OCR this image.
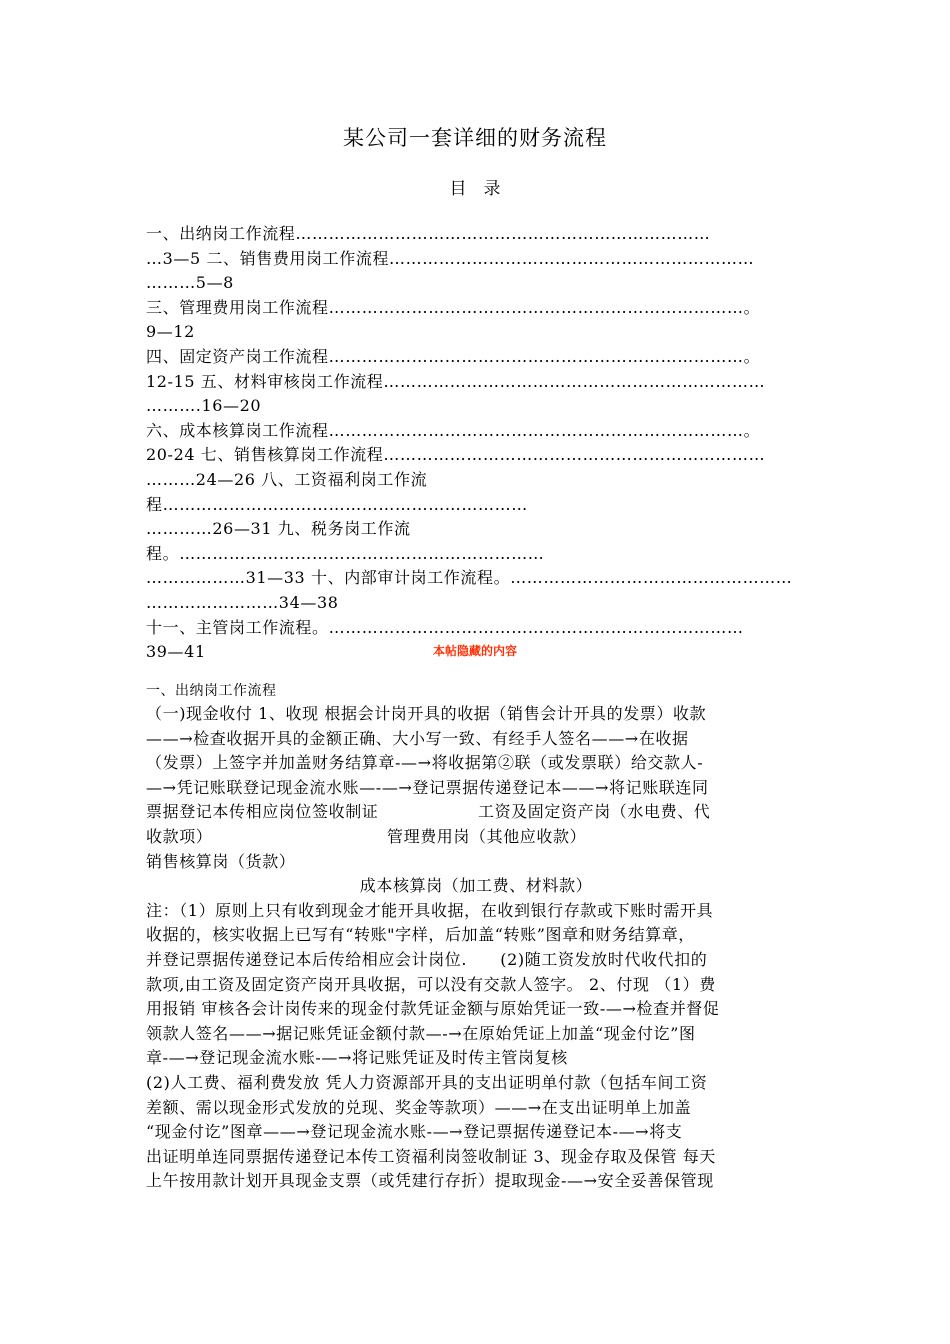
某公司一套详细的财务流程
目　录
一、出纳岗工作流程…………………………………………………………………
…3—5 二、销售费用岗工作流程…………………………………………………………
………5—8
三、管理费用岗工作流程…………………………………………………………………。
9—12
四、固定资产岗工作流程…………………………………………………………………。
12-15 五、材料审核岗工作流程……………………………………………………………
……….16—20
六、成本核算岗工作流程…………………………………………………………………。
20-24 七、销售核算岗工作流程……………………………………………………………
………24—26 八、工资福利岗工作流程…………………………………………………………
…………26—31 九、税务岗工作流程。…………………………………………………………
………………31—33 十、内部审计岗工作流程。……………………………………………
……………………34—38
十一、主管岗工作流程。…………………………………………………………………
39—41	本帖隐藏的内容
一、出纳岗工作流程
（一)现金收付 1、收现 根据会计岗开具的收据（销售会计开具的发票）收款
——→检查收据开具的金额正确、大小写一致、有经手人签名——→在收据
（发票）上签字并加盖财务结算章-—→将收据第②联（或发票联）给交款人-
—→凭记账联登记现金流水账—-—→登记票据传递登记本——→将记账联连同
票据登记本传相应岗位签收制证　　　　　　工资及固定资产岗（水电费、代
收款项）　　　　　　　　　　　管理费用岗（其他应收款）
销售核算岗（货款）
成本核算岗（加工费、材料款）
注：（1）原则上只有收到现金才能开具收据，在收到银行存款或下账时需开具
收据的，核实收据上已写有“转账"字样，后加盖“转账”图章和财务结算章，
并登记票据传递登记本后传给相应会计岗位.　　(2)随工资发放时代收代扣的
款项,由工资及固定资产岗开具收据，可以没有交款人签字。 2、付现 （1）费
用报销 审核各会计岗传来的现金付款凭证金额与原始凭证一致-—→检查并督促
领款人签名——→据记账凭证金额付款—-→在原始凭证上加盖“现金付讫”图
章-—→登记现金流水账-—→将记账凭证及时传主管岗复核
(2)人工费、福利费发放 凭人力资源部开具的支出证明单付款（包括车间工资
差额、需以现金形式发放的兑现、奖金等款项）——→在支出证明单上加盖
“现金付讫”图章——→登记现金流水账-—→登记票据传递登记本-—→将支
出证明单连同票据传递登记本传工资福利岗签收制证 3、现金存取及保管 每天
上午按用款计划开具现金支票（或凭建行存折）提取现金-—→安全妥善保管现
